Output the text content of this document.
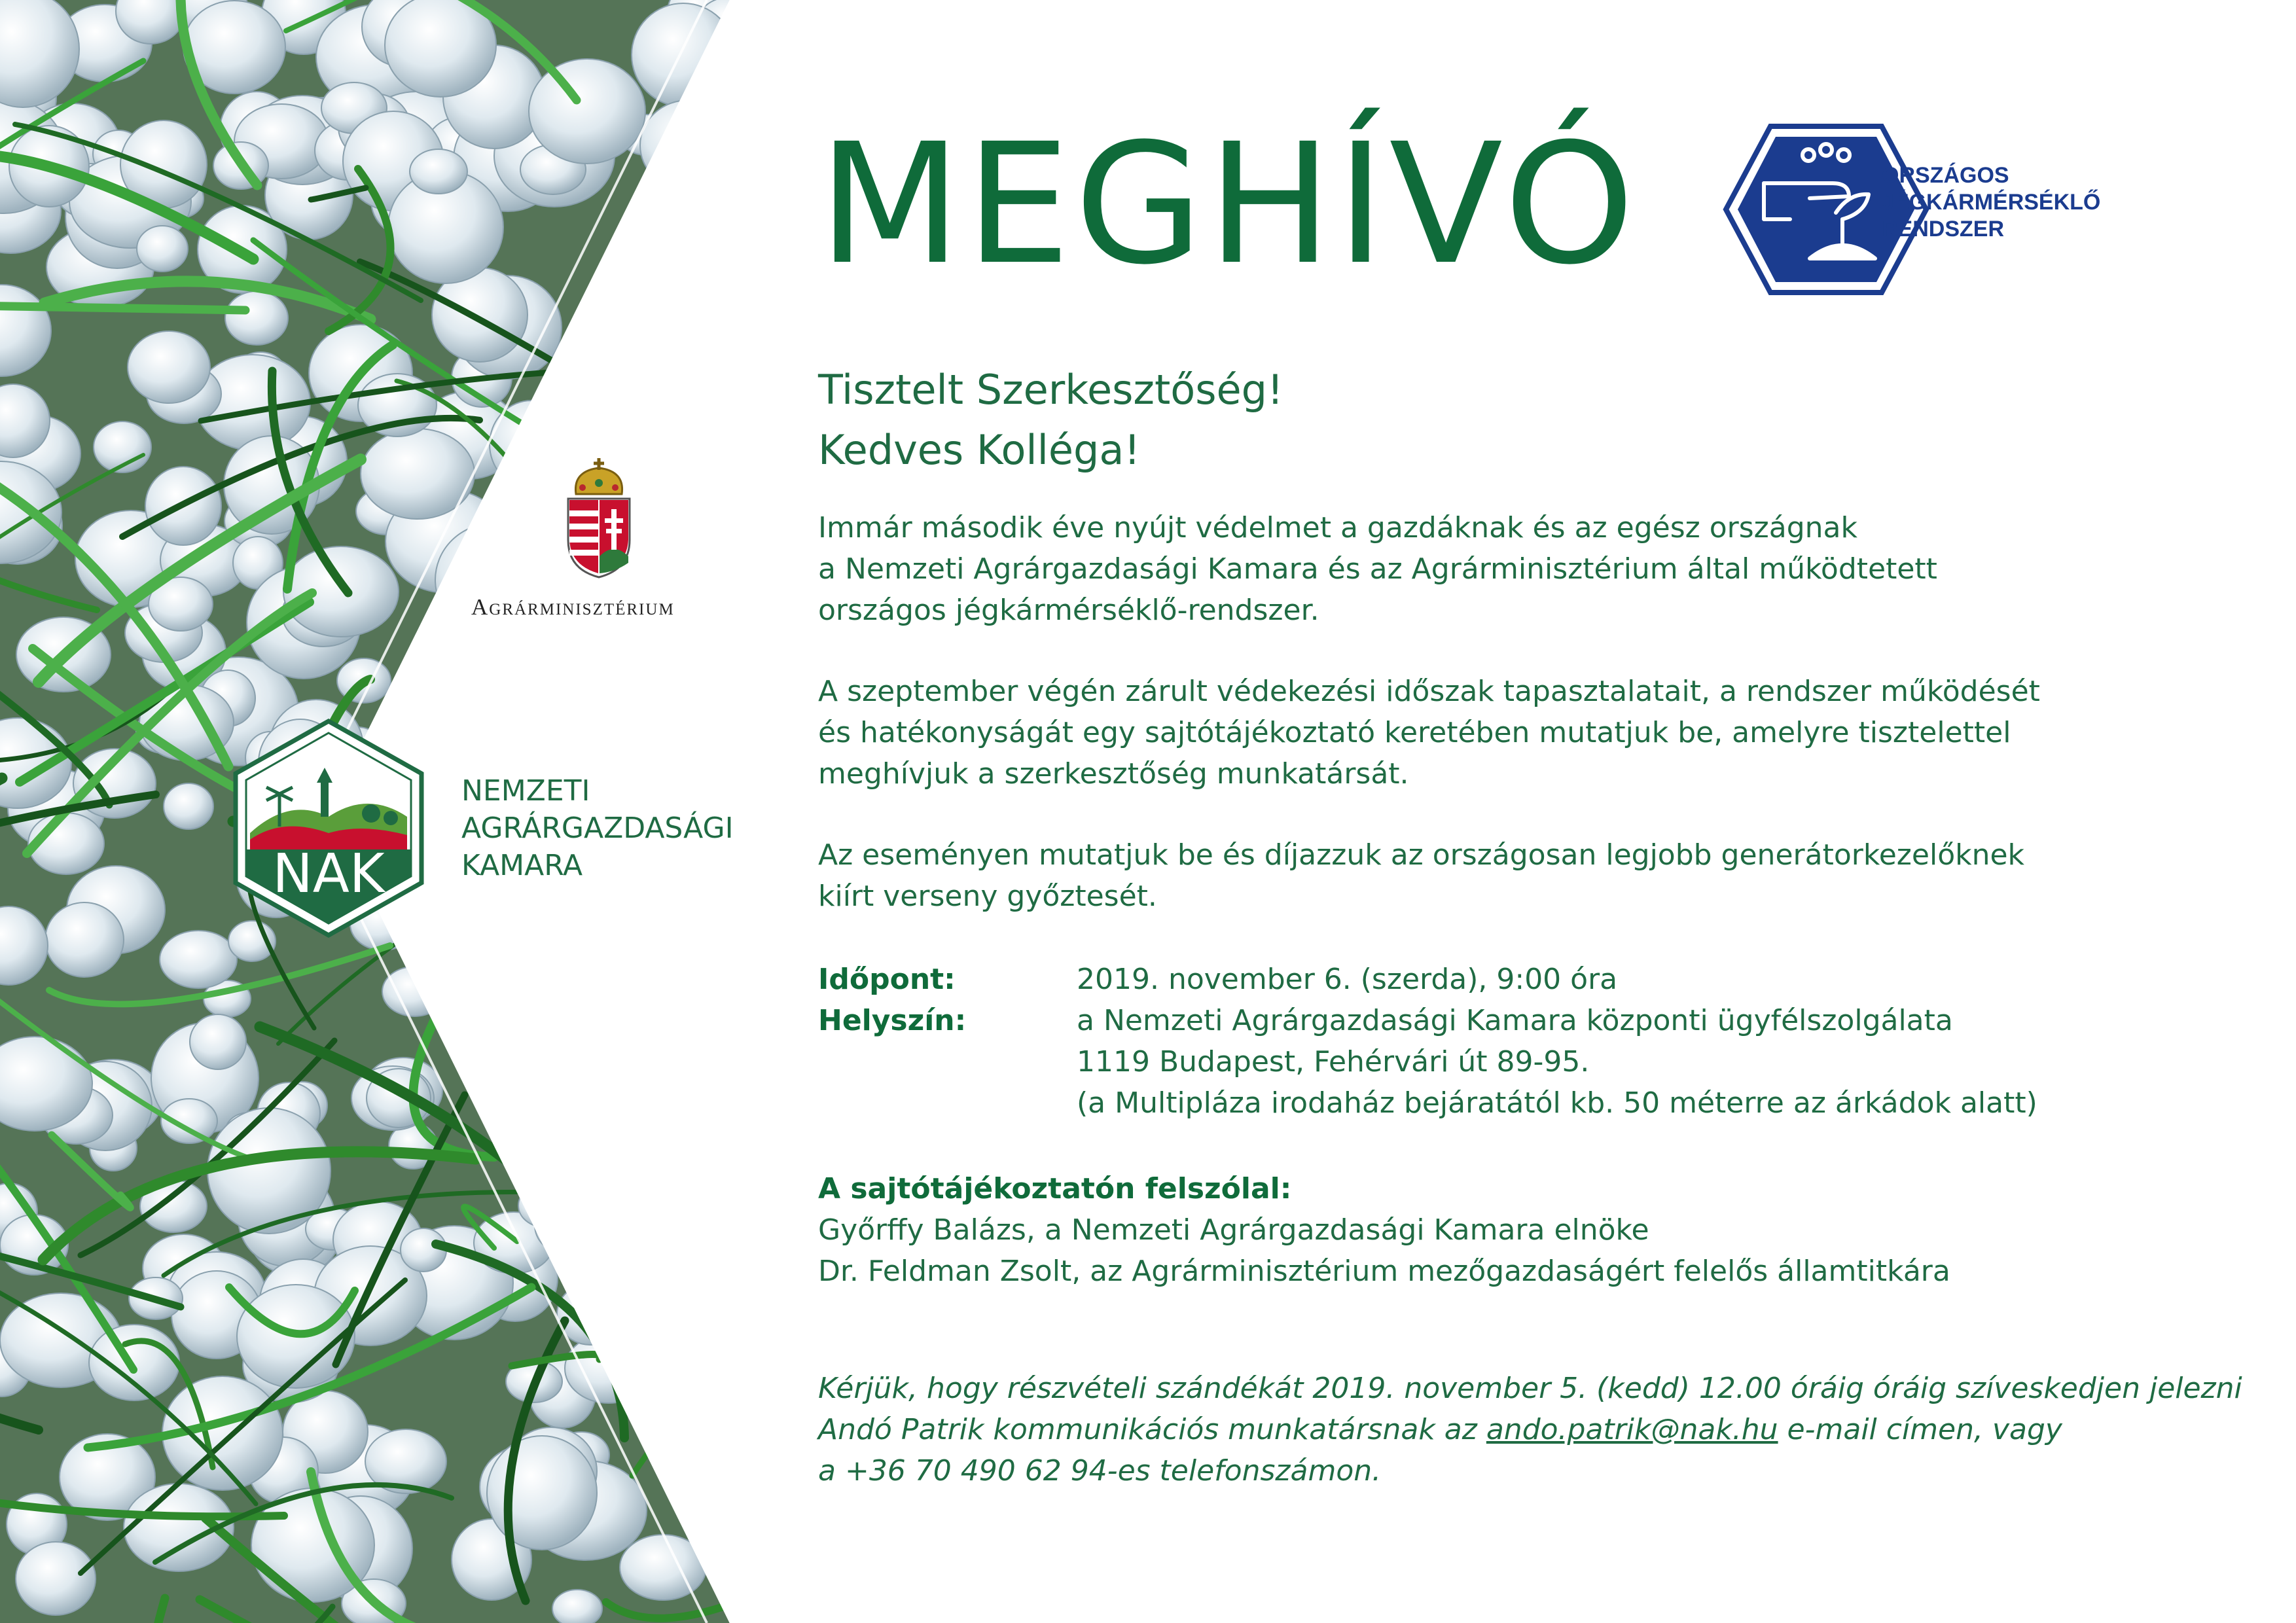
MEGHÍVÓ	ORSZÁGOS
JÉGKÁRMÉRSÉKLŐ
RENDSZER
Agrárminisztérium
NAK
NEMZETI
AGRÁRGAZDASÁGI
KAMARA
Tisztelt Szerkesztőség!
Kedves Kolléga!
Immár második éve nyújt védelmet a gazdáknak és az egész országnak
a Nemzeti Agrárgazdasági Kamara és az Agrárminisztérium által működtetett
országos jégkármérséklő-rendszer.
A szeptember végén zárult védekezési időszak tapasztalatait, a rendszer működését
és hatékonyságát egy sajtótájékoztató keretében mutatjuk be, amelyre tisztelettel
meghívjuk a szerkesztőség munkatársát.
Az eseményen mutatjuk be és díjazzuk az országosan legjobb generátorkezelőknek
kiírt verseny győztesét.
Időpont:	2019. november 6. (szerda), 9:00 óra
Helyszín:	a Nemzeti Agrárgazdasági Kamara központi ügyfélszolgálata
1119 Budapest, Fehérvári út 89-95.
(a Multipláza irodaház bejáratától kb. 50 méterre az árkádok alatt)
A sajtótájékoztatón felszólal:
Győrffy Balázs, a Nemzeti Agrárgazdasági Kamara elnöke
Dr. Feldman Zsolt, az Agrárminisztérium mezőgazdaságért felelős államtitkára
Kérjük, hogy részvételi szándékát 2019. november 5. (kedd) 12.00 óráig óráig szíveskedjen jelezni
Andó Patrik kommunikációs munkatársnak az ando.patrik@nak.hu e-mail címen, vagy
a +36 70 490 62 94-es telefonszámon.
